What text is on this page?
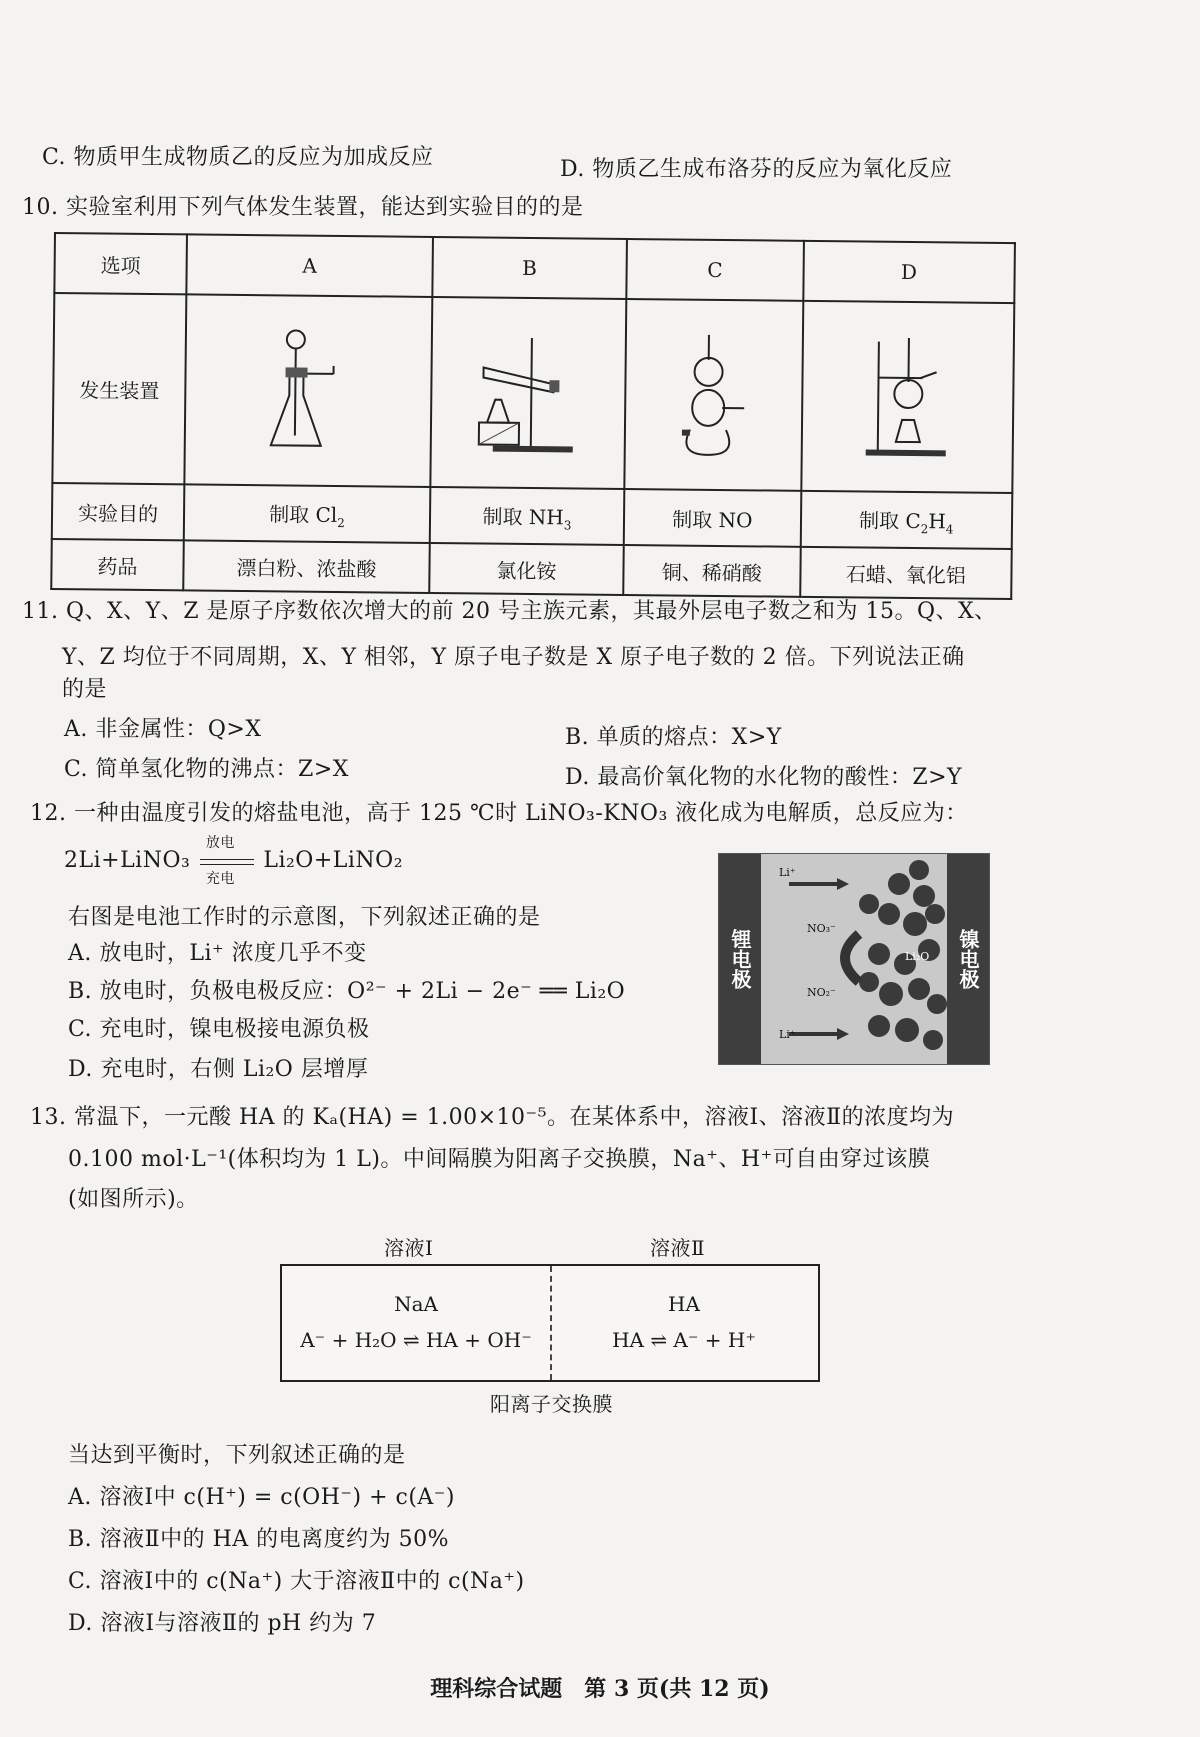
C. 物质甲生成物质乙的反应为加成反应	D. 物质乙生成布洛芬的反应为氧化反应
10. 实验室利用下列气体发生装置，能达到实验目的的是
选项	A	B	C	D
发生装置	

实验目的	制取 $Cl_2$	制取 $NH_3$	制取 NO	制取 $C_2H_4$
药品	漂白粉、浓盐酸	氯化铵	铜、稀硝酸	石蜡、氧化铝
11. Q、X、Y、Z 是原子序数依次增大的前 20 号主族元素，其最外层电子数之和为 15。Q、X、
Y、Z 均位于不同周期，X、Y 相邻，Y 原子电子数是 X 原子电子数的 2 倍。下列说法正确
的是
A. 非金属性：Q>X	B. 单质的熔点：X>Y
C. 简单氢化物的沸点：Z>X	D. 最高价氧化物的水化物的酸性：Z>Y
12. 一种由温度引发的熔盐电池，高于 125 ℃时 LiNO₃-KNO₃ 液化成为电解质，总反应为：
2Li+LiNO₃
放电
充电
Li₂O+LiNO₂
右图是电池工作时的示意图，下列叙述正确的是
A. 放电时，Li⁺ 浓度几乎不变
B. 放电时，负极电极反应：O²⁻ + 2Li − 2e⁻ ══ Li₂O
C. 充电时，镍电极接电源负极
D. 充电时，右侧 Li₂O 层增厚
锂电极	镍电极
Li⁺
NO₃⁻
Li₂O
NO₂⁻
Li⁺
13. 常温下，一元酸 HA 的 Kₐ(HA) = 1.00×10⁻⁵。在某体系中，溶液Ⅰ、溶液Ⅱ的浓度均为
0.100 mol·L⁻¹(体积均为 1 L)。中间隔膜为阳离子交换膜，Na⁺、H⁺可自由穿过该膜
(如图所示)。
溶液Ⅰ	溶液Ⅱ
NaA
A⁻ + H₂O ⇌ HA + OH⁻
HA
HA ⇌ A⁻ + H⁺
阳离子交换膜
当达到平衡时，下列叙述正确的是
A. 溶液Ⅰ中 c(H⁺) = c(OH⁻) + c(A⁻)
B. 溶液Ⅱ中的 HA 的电离度约为 50%
C. 溶液Ⅰ中的 c(Na⁺) 大于溶液Ⅱ中的 c(Na⁺)
D. 溶液Ⅰ与溶液Ⅱ的 pH 约为 7
理科综合试题　第 3 页(共 12 页)
